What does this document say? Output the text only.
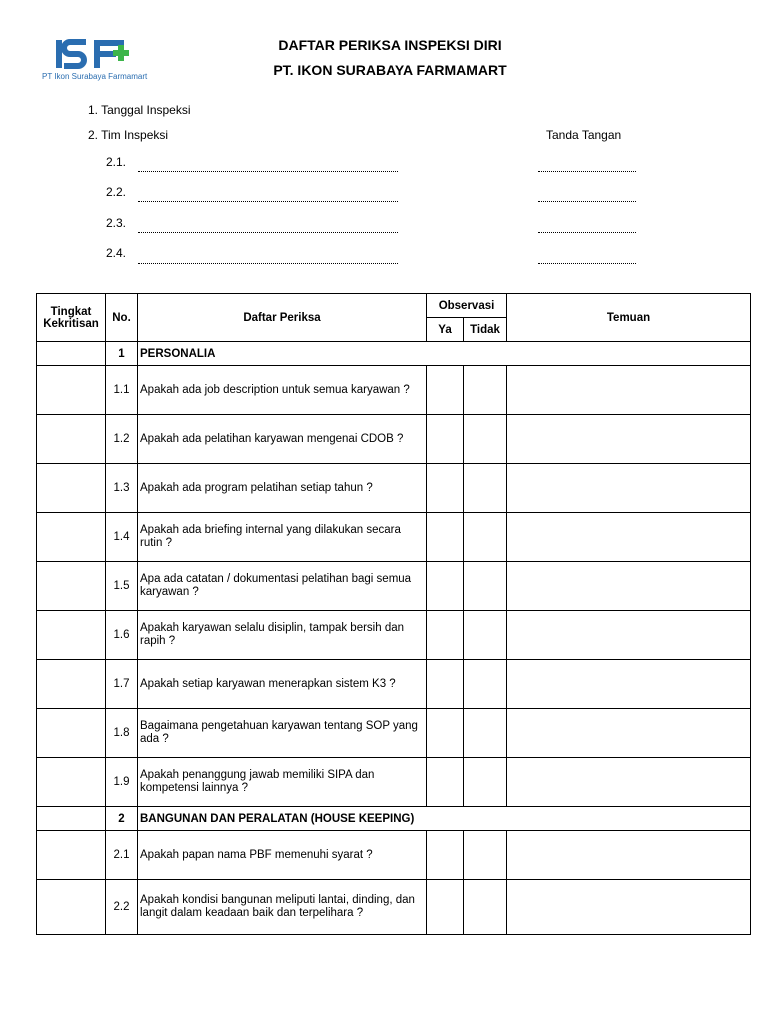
PT Ikon Surabaya Farmamart
DAFTAR PERIKSA INSPEKSI DIRI
PT. IKON SURABAYA FARMAMART
1. Tanggal Inspeksi
2. Tim Inspeksi	Tanda Tangan
2.1.
2.2.
2.3.
2.4.
Tingkat Kekritisan	No.	Daftar Periksa	Observasi		Temuan
			Ya	Tidak	
	1	PERSONALIA			
	1.1	Apakah ada job description untuk semua karyawan ?			
	1.2	Apakah ada pelatihan karyawan mengenai CDOB ?			
	1.3	Apakah ada program pelatihan setiap tahun ?			
	1.4	Apakah ada briefing internal yang dilakukan secara rutin ?			
	1.5	Apa ada catatan / dokumentasi pelatihan bagi semua karyawan ?			
	1.6	Apakah karyawan selalu disiplin, tampak bersih dan rapih ?			
	1.7	Apakah setiap karyawan menerapkan sistem K3 ?			
	1.8	Bagaimana pengetahuan karyawan tentang SOP yang ada ?			
	1.9	Apakah penanggung jawab memiliki SIPA dan kompetensi lainnya ?			
	2	BANGUNAN DAN PERALATAN (HOUSE KEEPING)			
	2.1	Apakah papan nama PBF memenuhi syarat ?			
	2.2	Apakah kondisi bangunan meliputi lantai, dinding, dan langit dalam keadaan baik dan terpelihara ?			
